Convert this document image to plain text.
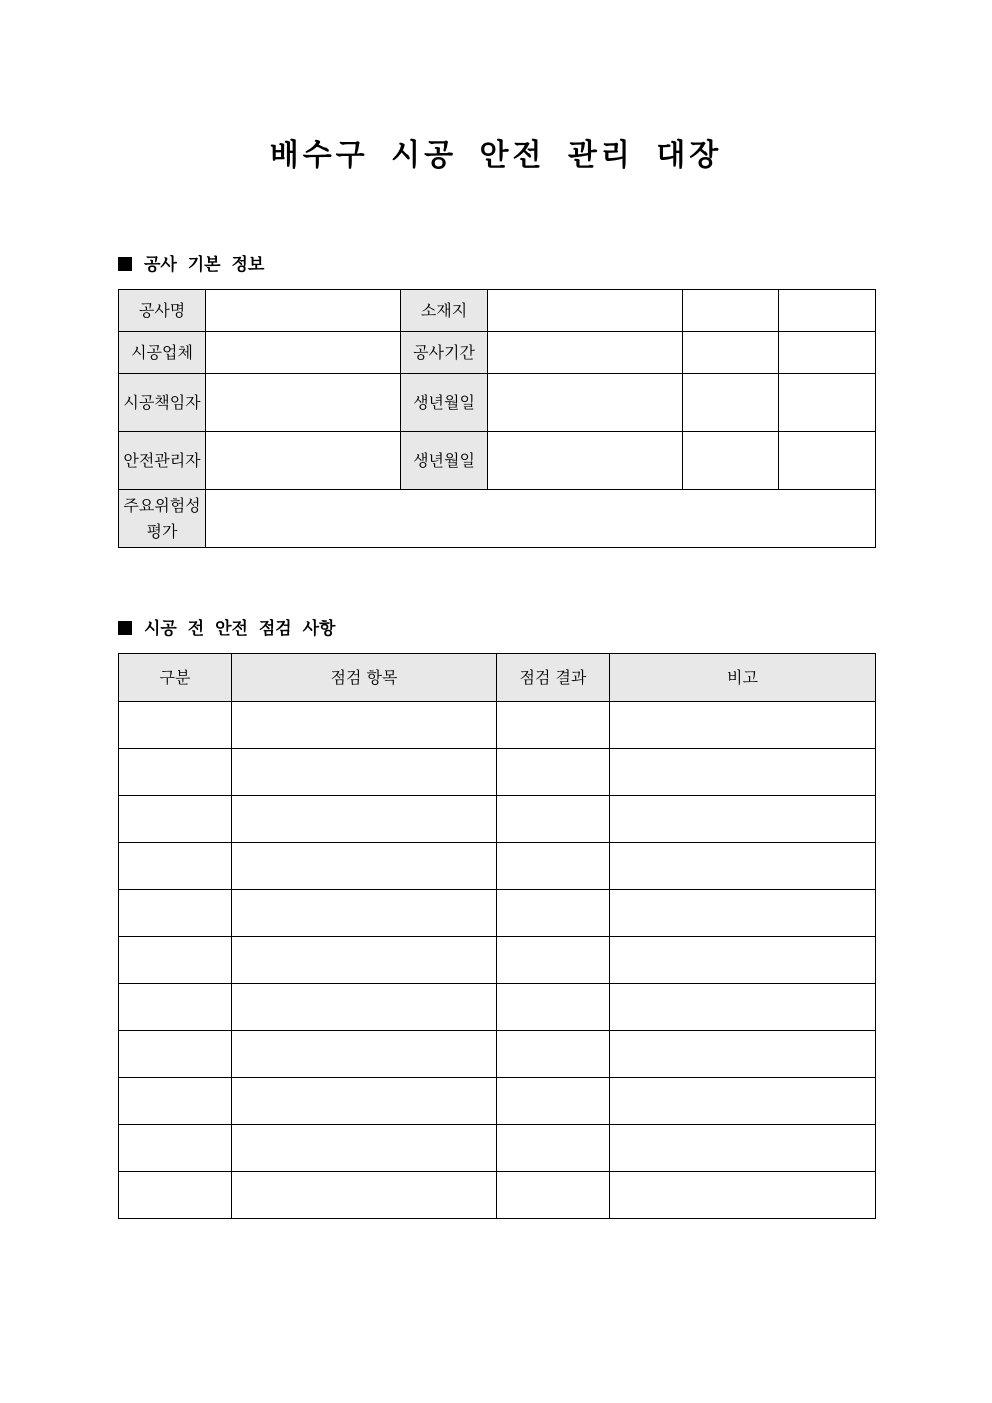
배수구 시공 안전 관리 대장
공사 기본 정보
공사명		소재지			
시공업체		공사기간			
시공책임자		생년월일			
안전관리자		생년월일			
주요위험성평가					
시공 전 안전 점검 사항
구분	점검 항목	점검 결과	비고
